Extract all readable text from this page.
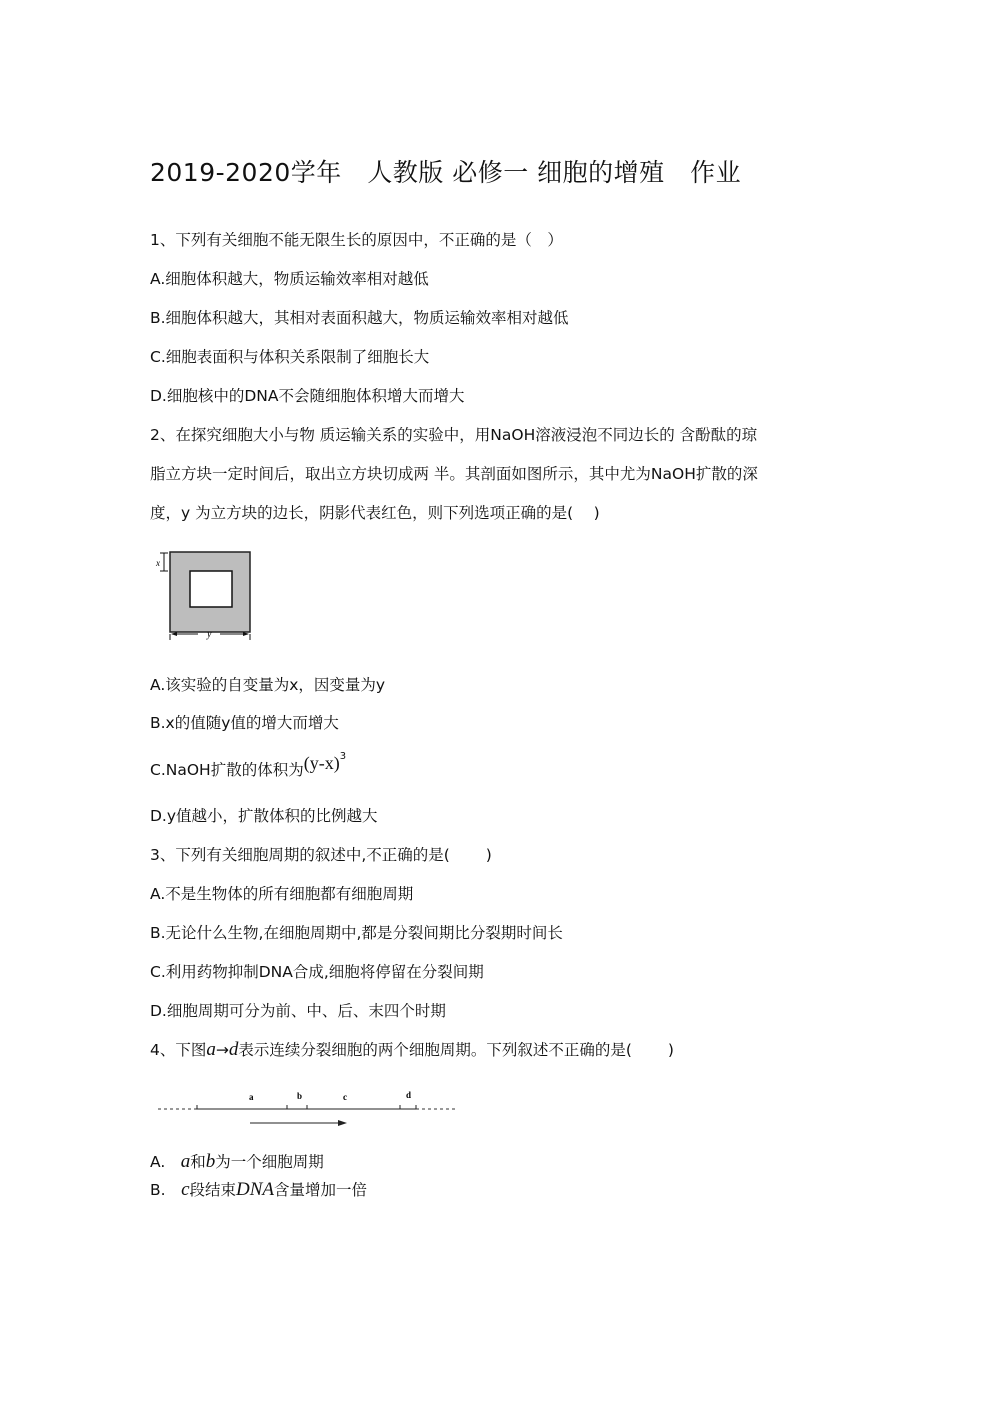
2019-2020学年　人教版 必修一 细胞的增殖　作业
1、下列有关细胞不能无限生长的原因中，不正确的是（　）
A.细胞体积越大，物质运输效率相对越低
B.细胞体积越大，其相对表面积越大，物质运输效率相对越低
C.细胞表面积与体积关系限制了细胞长大
D.细胞核中的DNA不会随细胞体积增大而增大
2、在探究细胞大小与物 质运输关系的实验中，用NaOH溶液浸泡不同边长的 含酚酞的琼
脂立方块一定时间后，取出立方块切成两 半。其剖面如图所示，其中尤为NaOH扩散的深
度，y 为立方块的边长，阴影代表红色，则下列选项正确的是(　 )
x
y
A.该实验的自变量为x，因变量为y
B.x的值随y值的增大而增大
C.NaOH扩散的体积为$(y-x)^3$
D.y值越小，扩散体积的比例越大
3、下列有关细胞周期的叙述中,不正确的是(　　 )
A.不是生物体的所有细胞都有细胞周期
B.无论什么生物,在细胞周期中,都是分裂间期比分裂期时间长
C.利用药物抑制DNA合成,细胞将停留在分裂间期
D.细胞周期可分为前、中、后、末四个时期
4、下图a→d表示连续分裂细胞的两个细胞周期。下列叙述不正确的是(　　 )
a	b	c	d
A.　a和b为一个细胞周期
B.　c段结束DNA含量增加一倍
